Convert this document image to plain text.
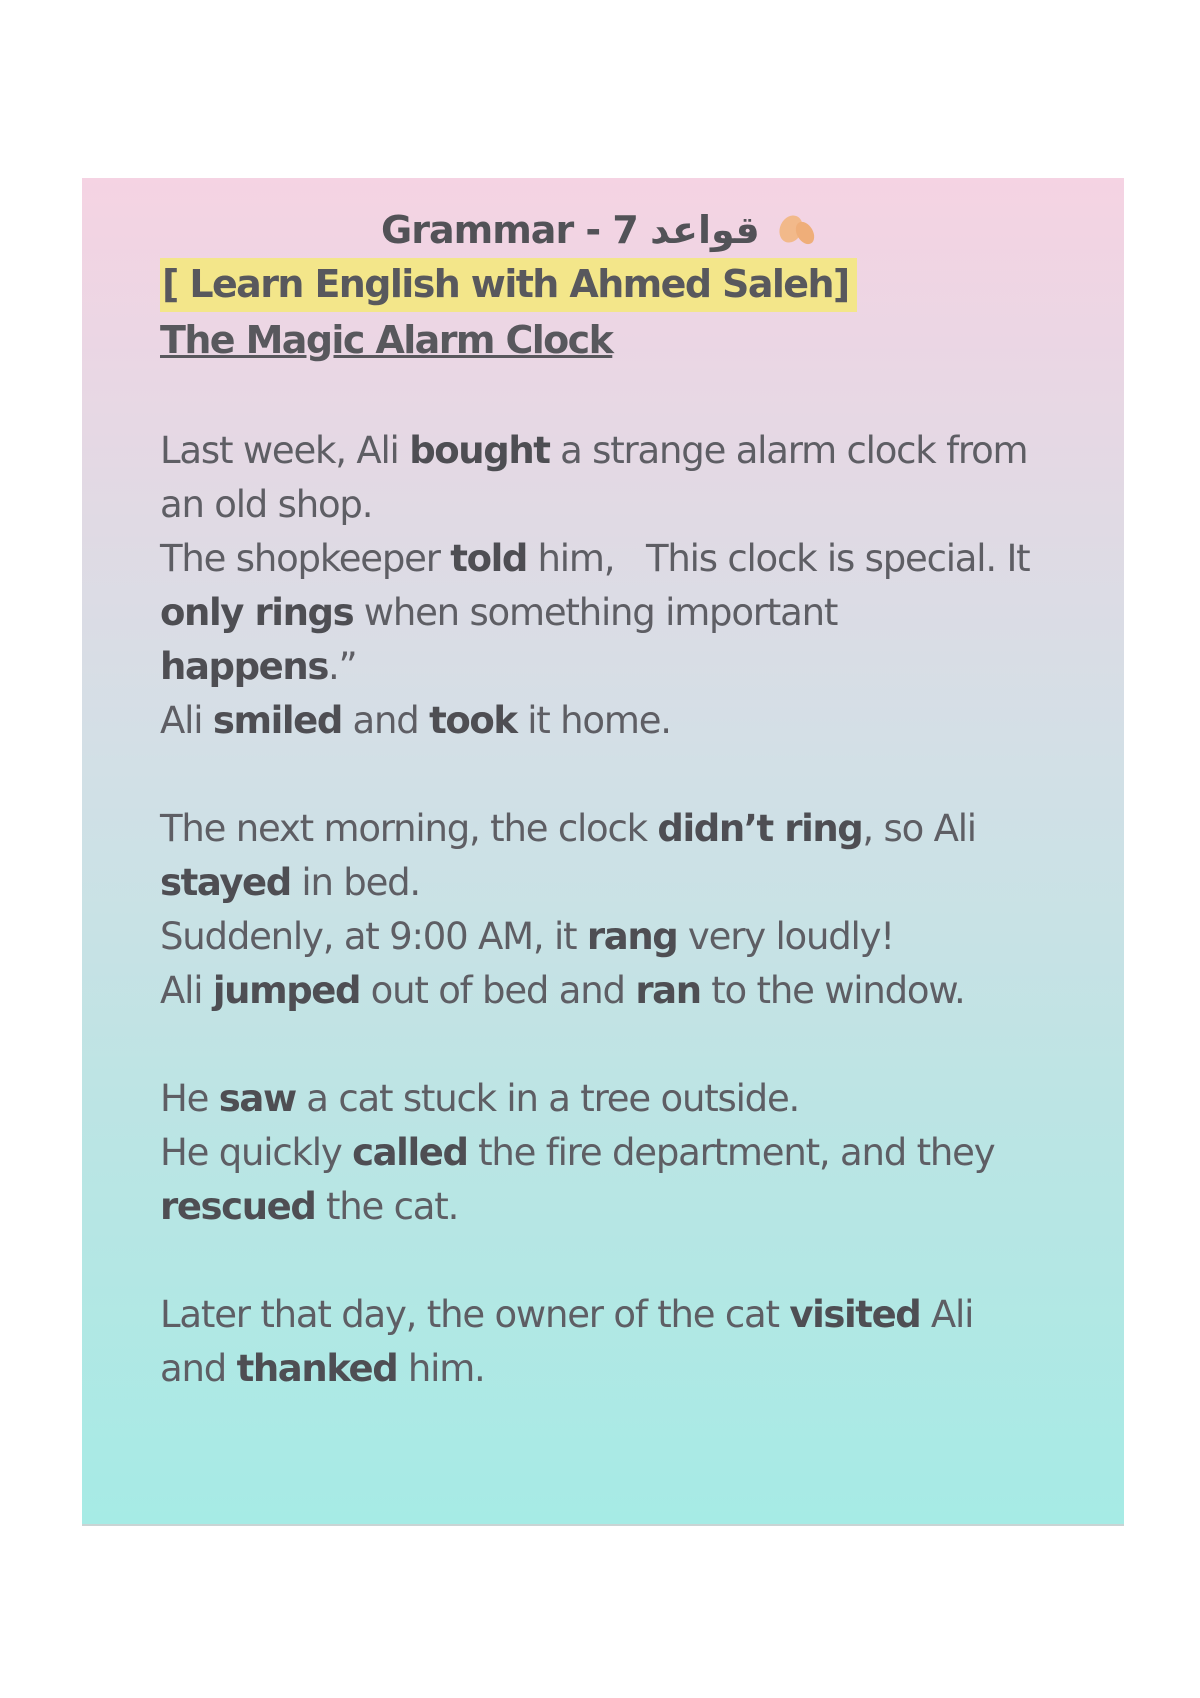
Grammar - 7 قواعد
[ Learn English with Ahmed Saleh]
The Magic Alarm Clock
Last week, Ali bought a strange alarm clock from an old shop.
The shopkeeper told him,   This clock is special. It only rings when something important happens.”
Ali smiled and took it home.
The next morning, the clock didn’t ring, so Ali stayed in bed.
Suddenly, at 9:00 AM, it rang very loudly!
Ali jumped out of bed and ran to the window.
He saw a cat stuck in a tree outside.
He quickly called the fire department, and they rescued the cat.
Later that day, the owner of the cat visited Ali and thanked him.
